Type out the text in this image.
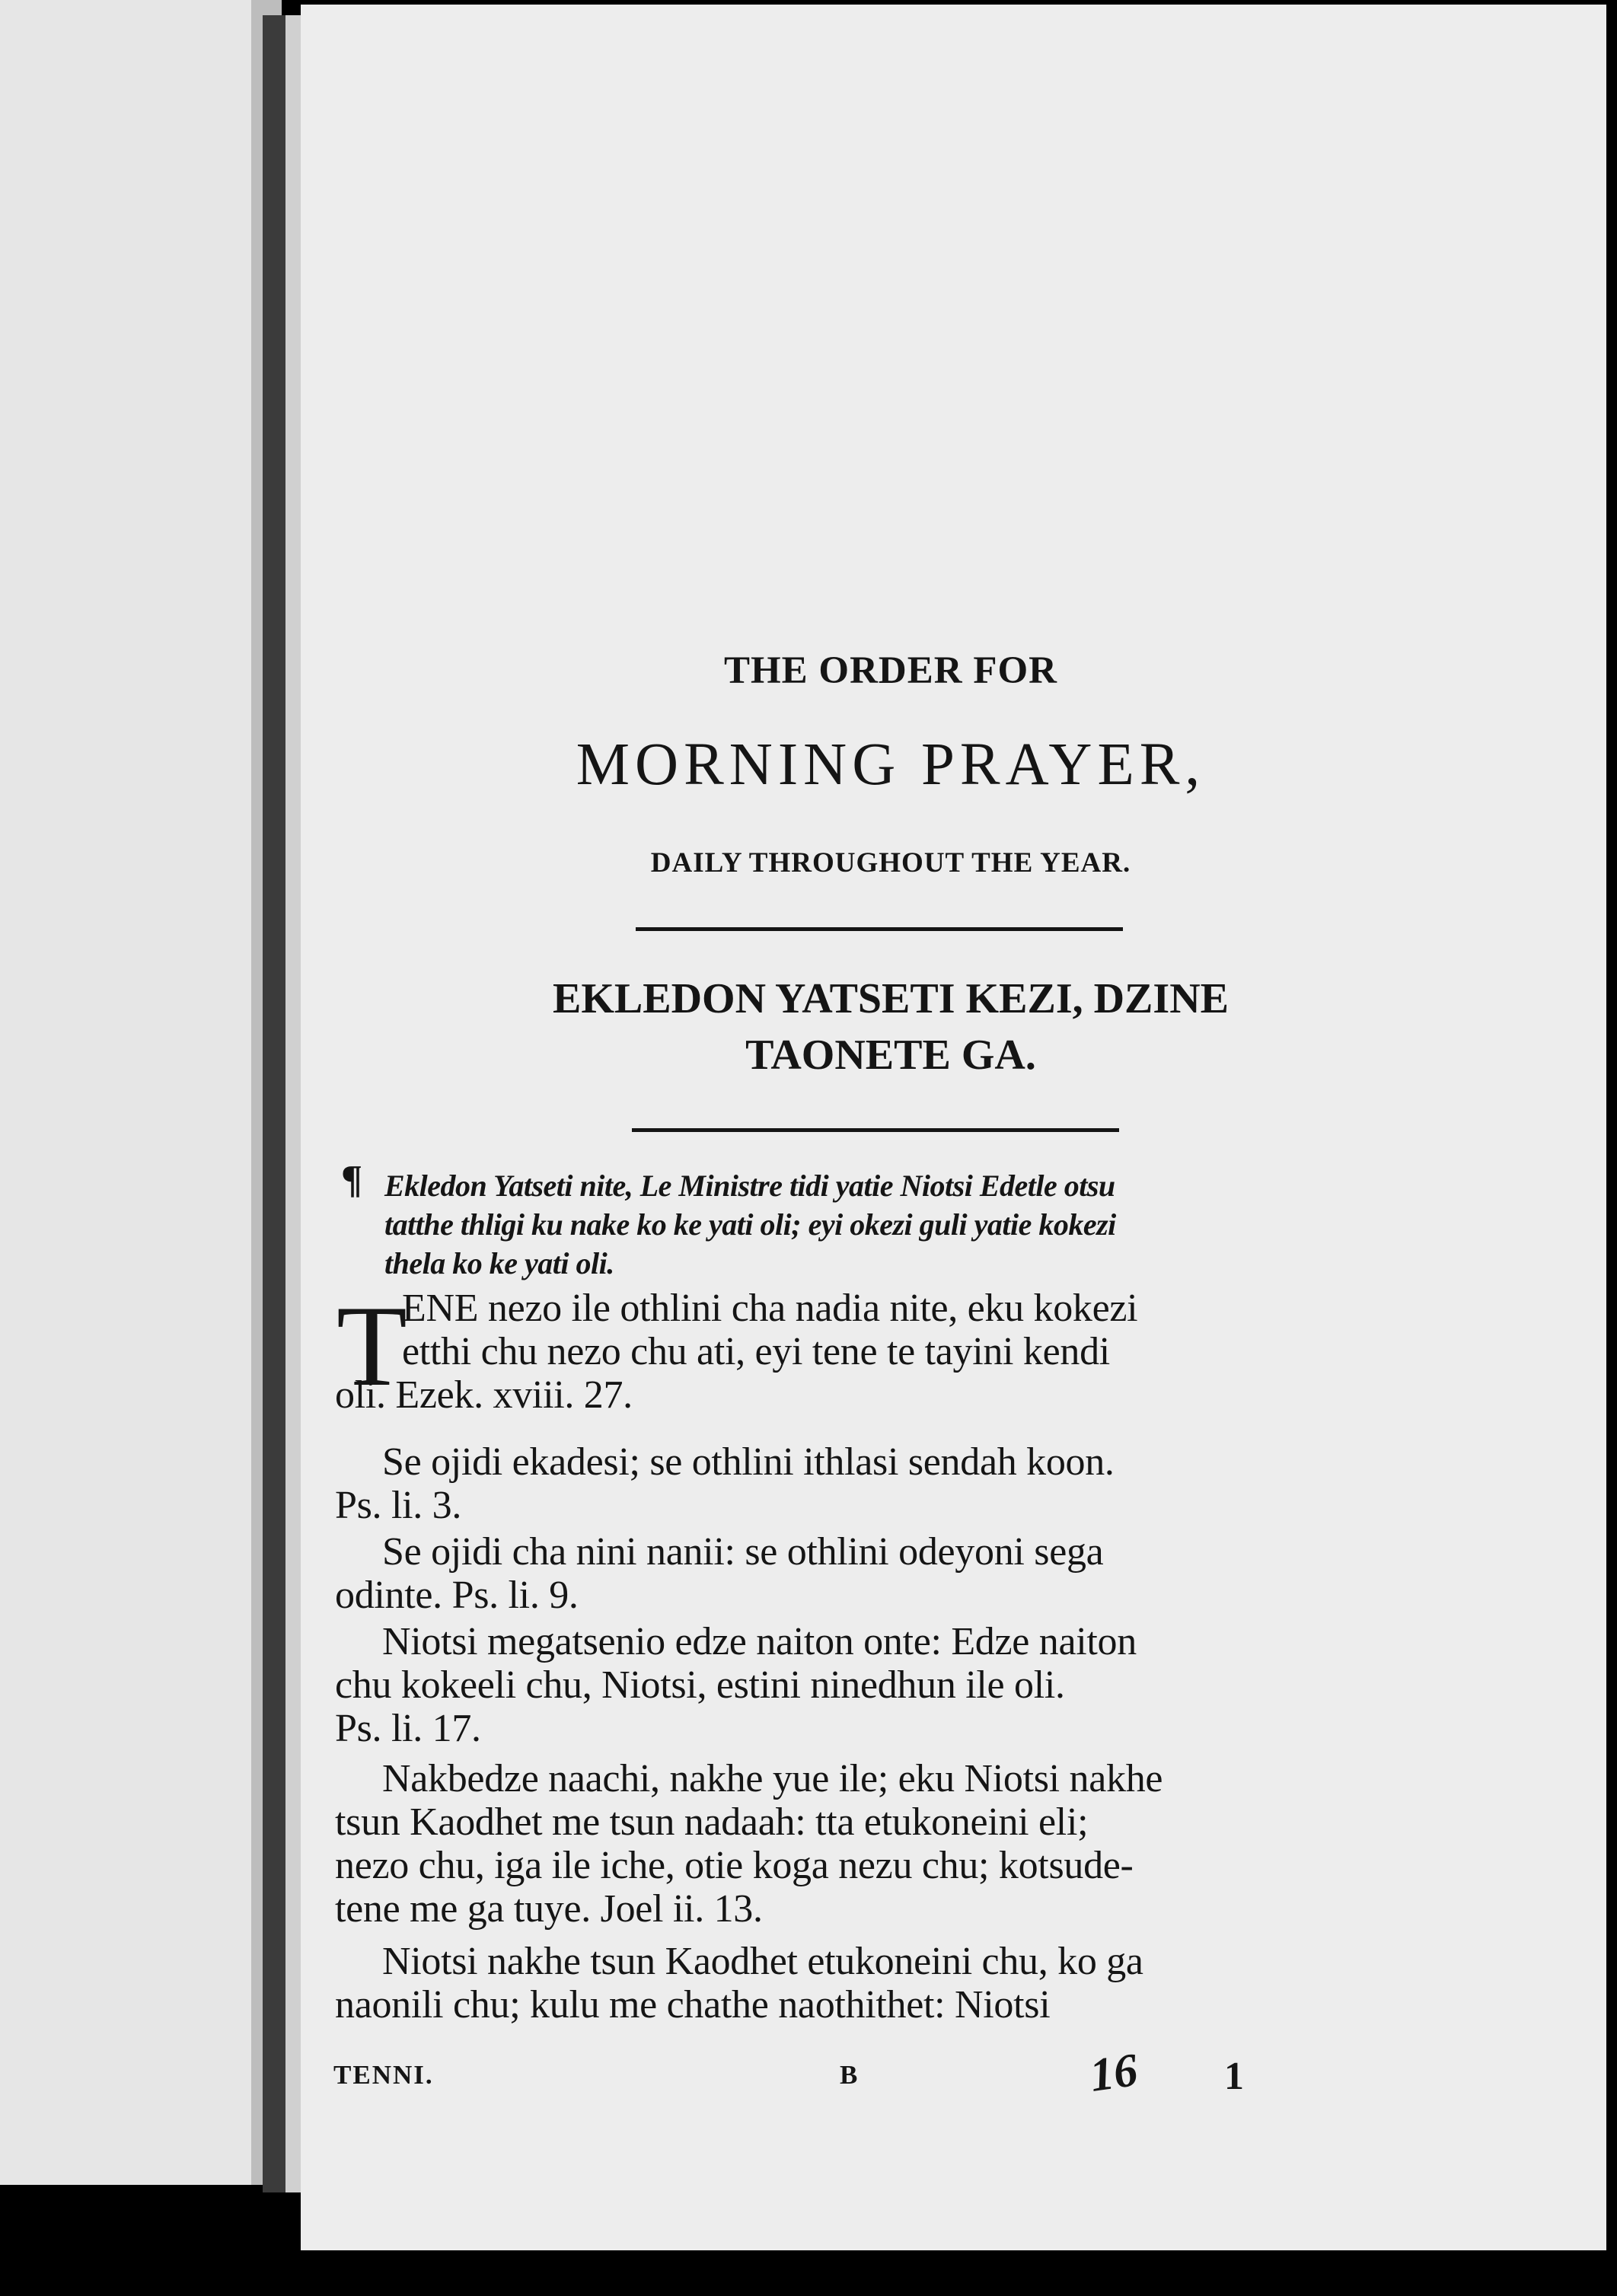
THE ORDER FOR

MORNING PRAYER,

DAILY THROUGHOUT THE YEAR.

EKLEDON YATSETI KEZI, DZINE
TAONETE GA.
¶ Ekledon Yatseti nite, Le Ministre tidi yatie Niotsi Edetle otsu
tatthe thligi ku nake ko ke yati oli; eyi okezi guli yatie kokezi
thela ko ke yati oli.
T
ENE nezo ile othlini cha nadia nite, eku kokezi
etthi chu nezo chu ati, eyi tene te tayini kendi
oli. Ezek. xviii. 27.
Se ojidi ekadesi; se othlini ithlasi sendah koon.
Ps. li. 3.
Se ojidi cha nini nanii: se othlini odeyoni sega
odinte. Ps. li. 9.
Niotsi megatsenio edze naiton onte: Edze naiton
chu kokeeli chu, Niotsi, estini ninedhun ile oli.
Ps. li. 17.
Nakbedze naachi, nakhe yue ile; eku Niotsi nakhe
tsun Kaodhet me tsun nadaah: tta etukoneini eli;
nezo chu, iga ile iche, otie koga nezu chu; kotsude-
tene me ga tuye. Joel ii. 13.
Niotsi nakhe tsun Kaodhet etukoneini chu, ko ga
naonili chu; kulu me chathe naothithet: Niotsi
TENNI.	B	16 1
